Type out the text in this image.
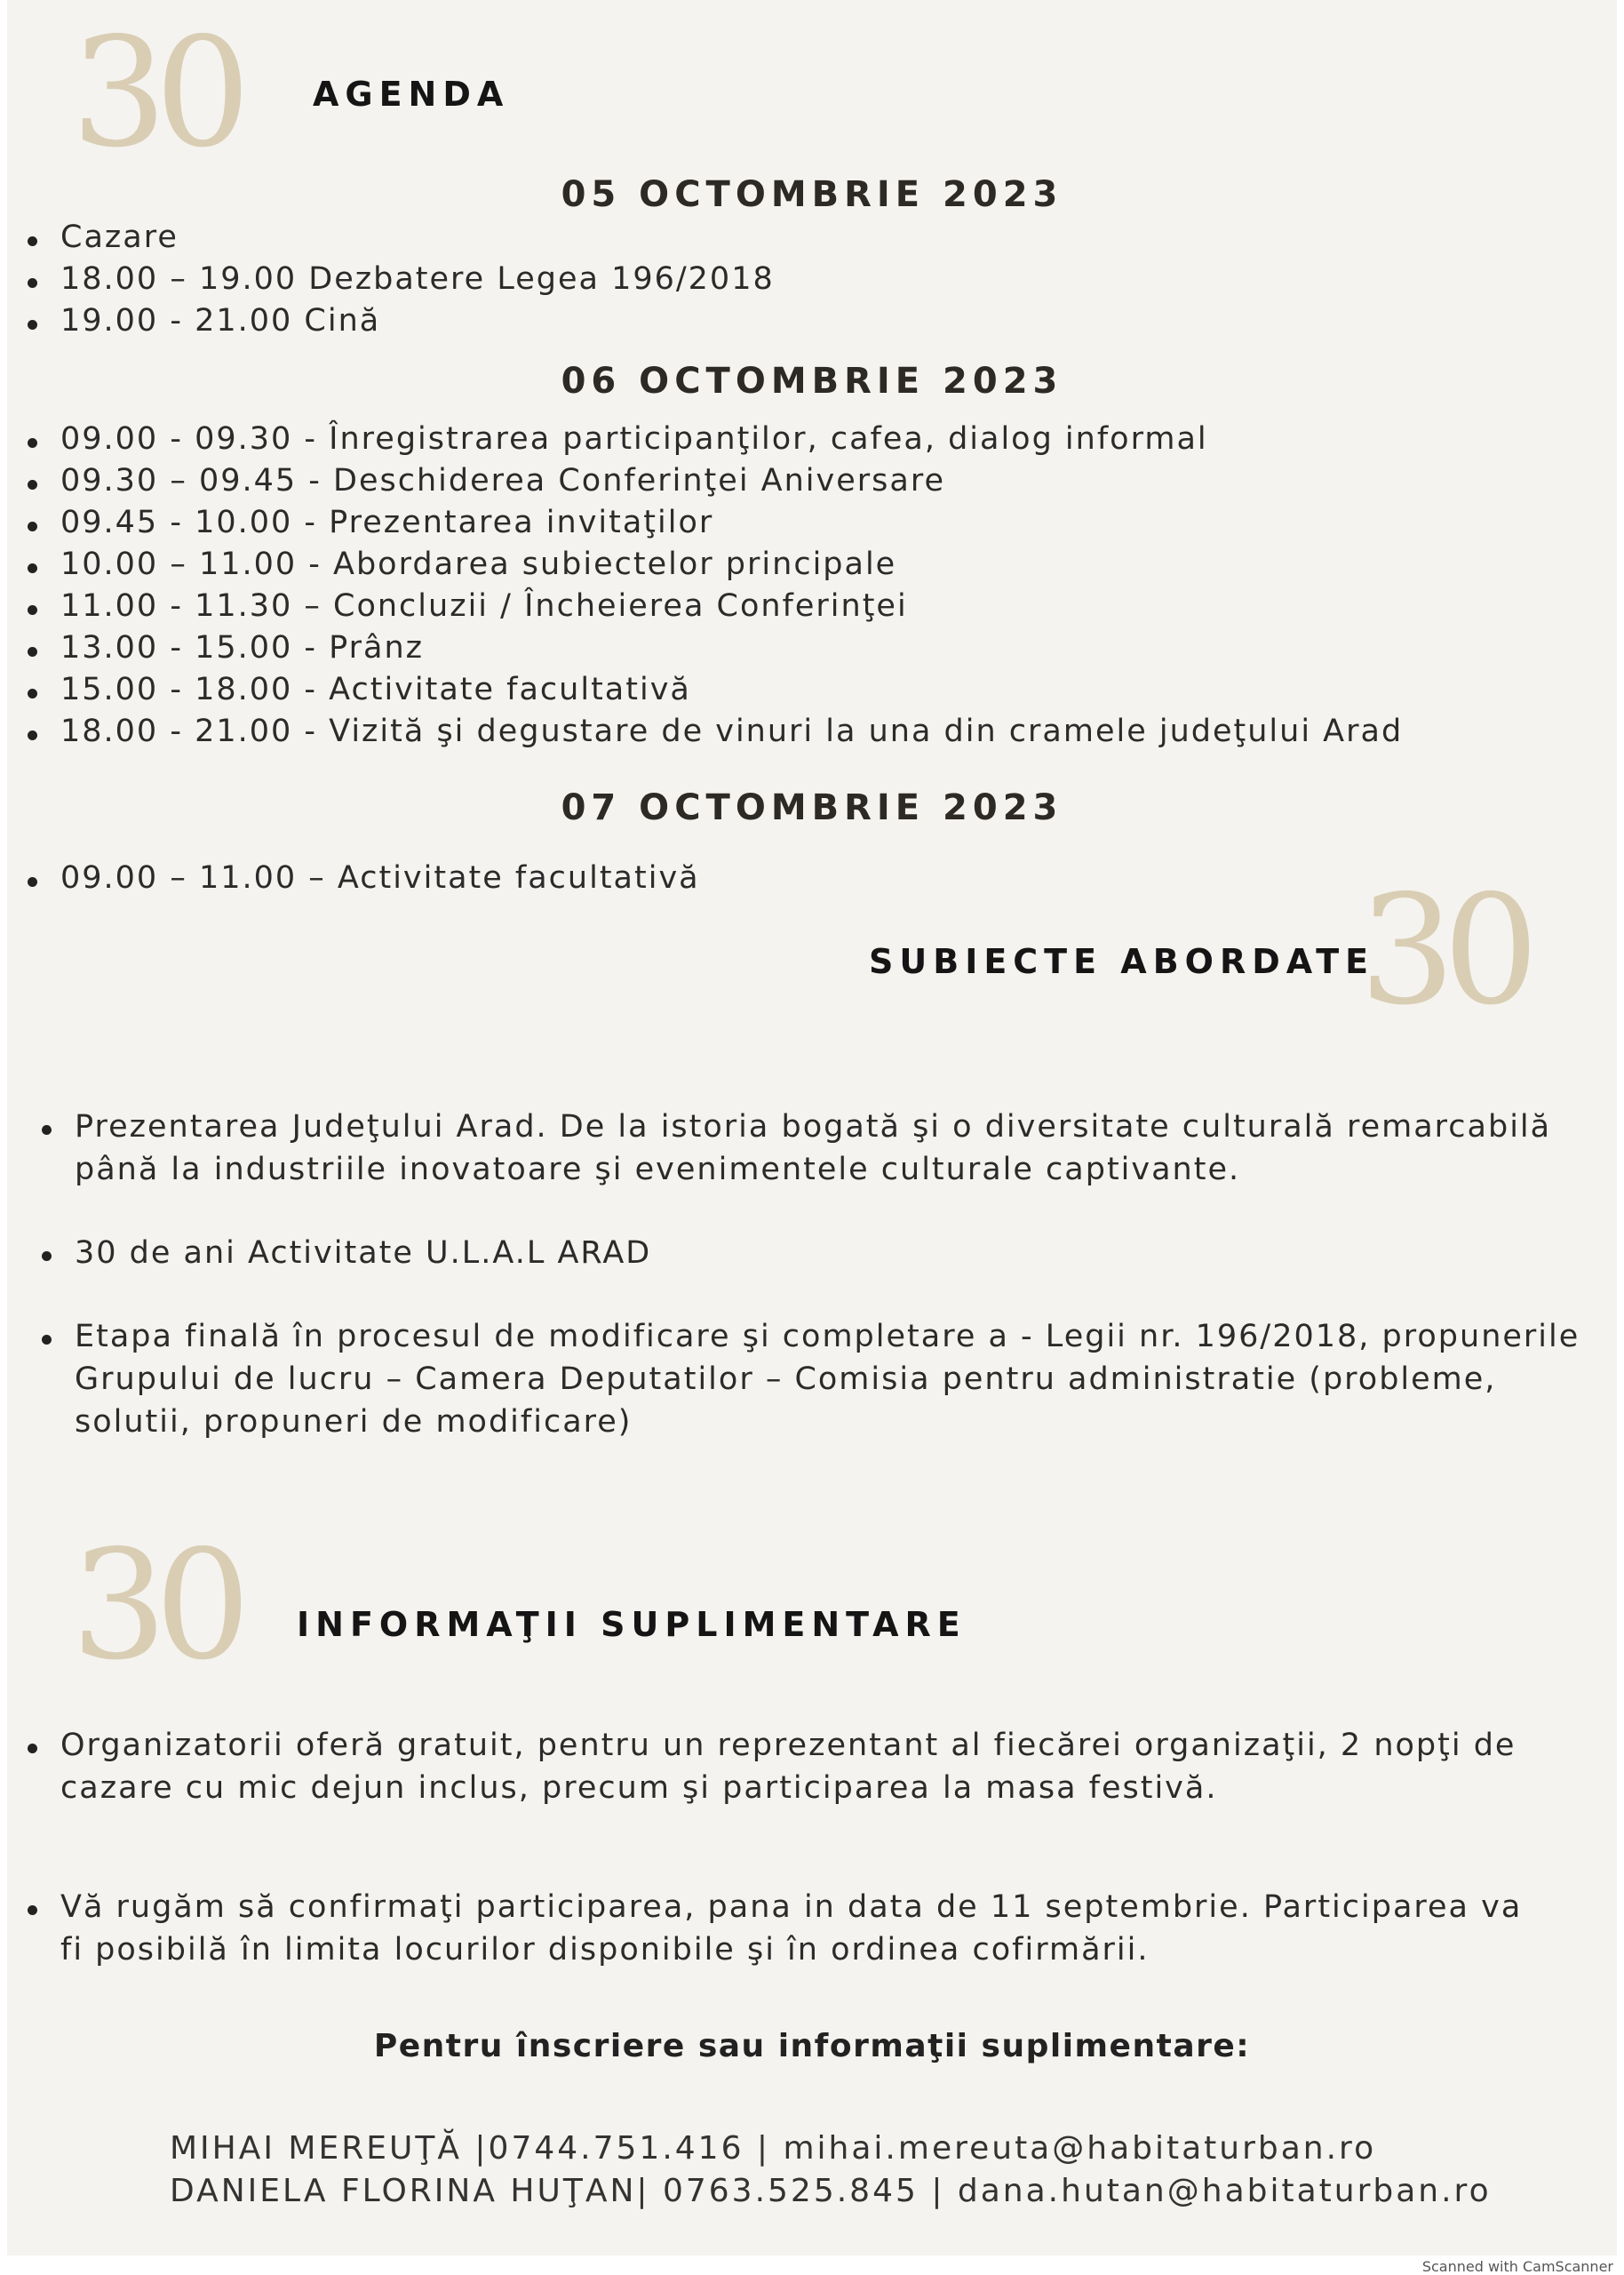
30 AGENDA
05 OCTOMBRIE 2023
Cazare
18.00 – 19.00 Dezbatere Legea 196/2018
19.00 - 21.00 Cină
06 OCTOMBRIE 2023
09.00 - 09.30 - Înregistrarea participanţilor, cafea, dialog informal
09.30 – 09.45 - Deschiderea Conferinţei Aniversare
09.45 - 10.00 - Prezentarea invitaţilor
10.00 – 11.00 - Abordarea subiectelor principale
11.00 - 11.30 – Concluzii / Încheierea Conferinţei
13.00 - 15.00 - Prânz
15.00 - 18.00 - Activitate facultativă
18.00 - 21.00 - Vizită şi degustare de vinuri la una din cramele judeţului Arad
07 OCTOMBRIE 2023
09.00 – 11.00 – Activitate facultativă
SUBIECTE ABORDATE
30
Prezentarea Judeţului Arad. De la istoria bogată şi o diversitate culturală remarcabilă până la industriile inovatoare şi evenimentele culturale captivante.
30 de ani Activitate U.L.A.L ARAD
Etapa finală în procesul de modificare şi completare a - Legii nr. 196/2018, propunerile Grupului de lucru – Camera Deputatilor – Comisia pentru administratie (probleme, solutii, propuneri de modificare)
30 INFORMAŢII SUPLIMENTARE
Organizatorii oferă gratuit, pentru un reprezentant al fiecărei organizaţii, 2 nopţi de cazare cu mic dejun inclus, precum şi participarea la masa festivă.
Vă rugăm să confirmaţi participarea, pana in data de 11 septembrie. Participarea va fi posibilă în limita locurilor disponibile şi în ordinea cofirmării.
Pentru înscriere sau informaţii suplimentare:
MIHAI MEREUŢĂ |0744.751.416 | mihai.mereuta@habitaturban.ro
DANIELA FLORINA HUŢAN| 0763.525.845 | dana.hutan@habitaturban.ro
Scanned with CamScanner
